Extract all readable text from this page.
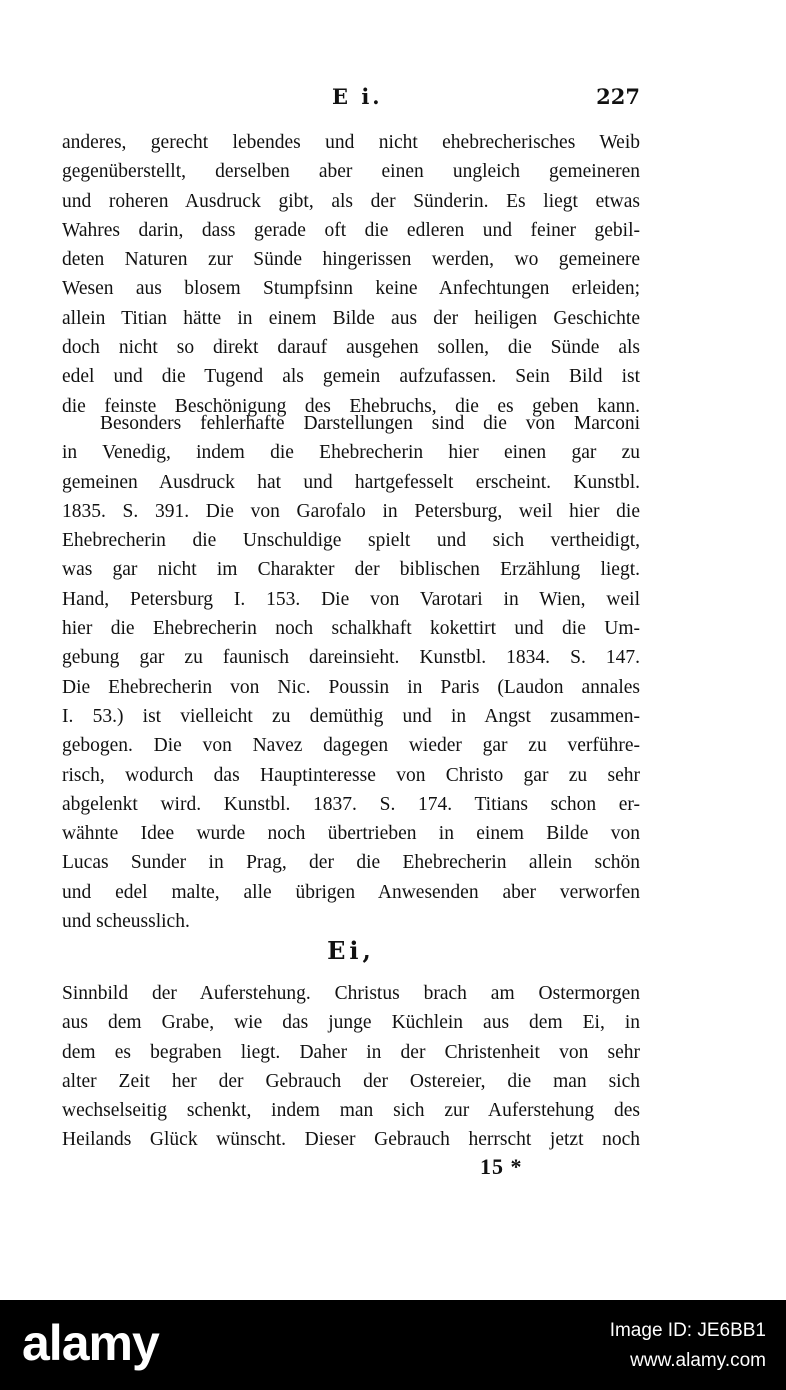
E i.	227
anderes, gerecht lebendes und nicht ehebrecherisches Weib
gegenüberstellt, derselben aber einen ungleich gemeineren
und roheren Ausdruck gibt, als der Sünderin. Es liegt etwas
Wahres darin, dass gerade oft die edleren und feiner gebil-
deten Naturen zur Sünde hingerissen werden, wo gemeinere
Wesen aus blosem Stumpfsinn keine Anfechtungen erleiden;
allein Titian hätte in einem Bilde aus der heiligen Geschichte
doch nicht so direkt darauf ausgehen sollen, die Sünde als
edel und die Tugend als gemein aufzufassen. Sein Bild ist
die feinste Beschönigung des Ehebruchs, die es geben kann.
Besonders fehlerhafte Darstellungen sind die von Marconi
in Venedig, indem die Ehebrecherin hier einen gar zu
gemeinen Ausdruck hat und hartgefesselt erscheint. Kunstbl.
1835. S. 391. Die von Garofalo in Petersburg, weil hier die
Ehebrecherin die Unschuldige spielt und sich vertheidigt,
was gar nicht im Charakter der biblischen Erzählung liegt.
Hand, Petersburg I. 153. Die von Varotari in Wien, weil
hier die Ehebrecherin noch schalkhaft kokettirt und die Um-
gebung gar zu faunisch dareinsieht. Kunstbl. 1834. S. 147.
Die Ehebrecherin von Nic. Poussin in Paris (Laudon annales
I. 53.) ist vielleicht zu demüthig und in Angst zusammen-
gebogen. Die von Navez dagegen wieder gar zu verführe-
risch, wodurch das Hauptinteresse von Christo gar zu sehr
abgelenkt wird. Kunstbl. 1837. S. 174. Titians schon er-
wähnte Idee wurde noch übertrieben in einem Bilde von
Lucas Sunder in Prag, der die Ehebrecherin allein schön
und edel malte, alle übrigen Anwesenden aber verworfen
und scheusslich.
Ei,
Sinnbild der Auferstehung. Christus brach am Ostermorgen
aus dem Grabe, wie das junge Küchlein aus dem Ei, in
dem es begraben liegt. Daher in der Christenheit von sehr
alter Zeit her der Gebrauch der Ostereier, die man sich
wechselseitig schenkt, indem man sich zur Auferstehung des
Heilands Glück wünscht. Dieser Gebrauch herrscht jetzt noch
15 *
alamy	Image ID: JE6BB1
www.alamy.com
